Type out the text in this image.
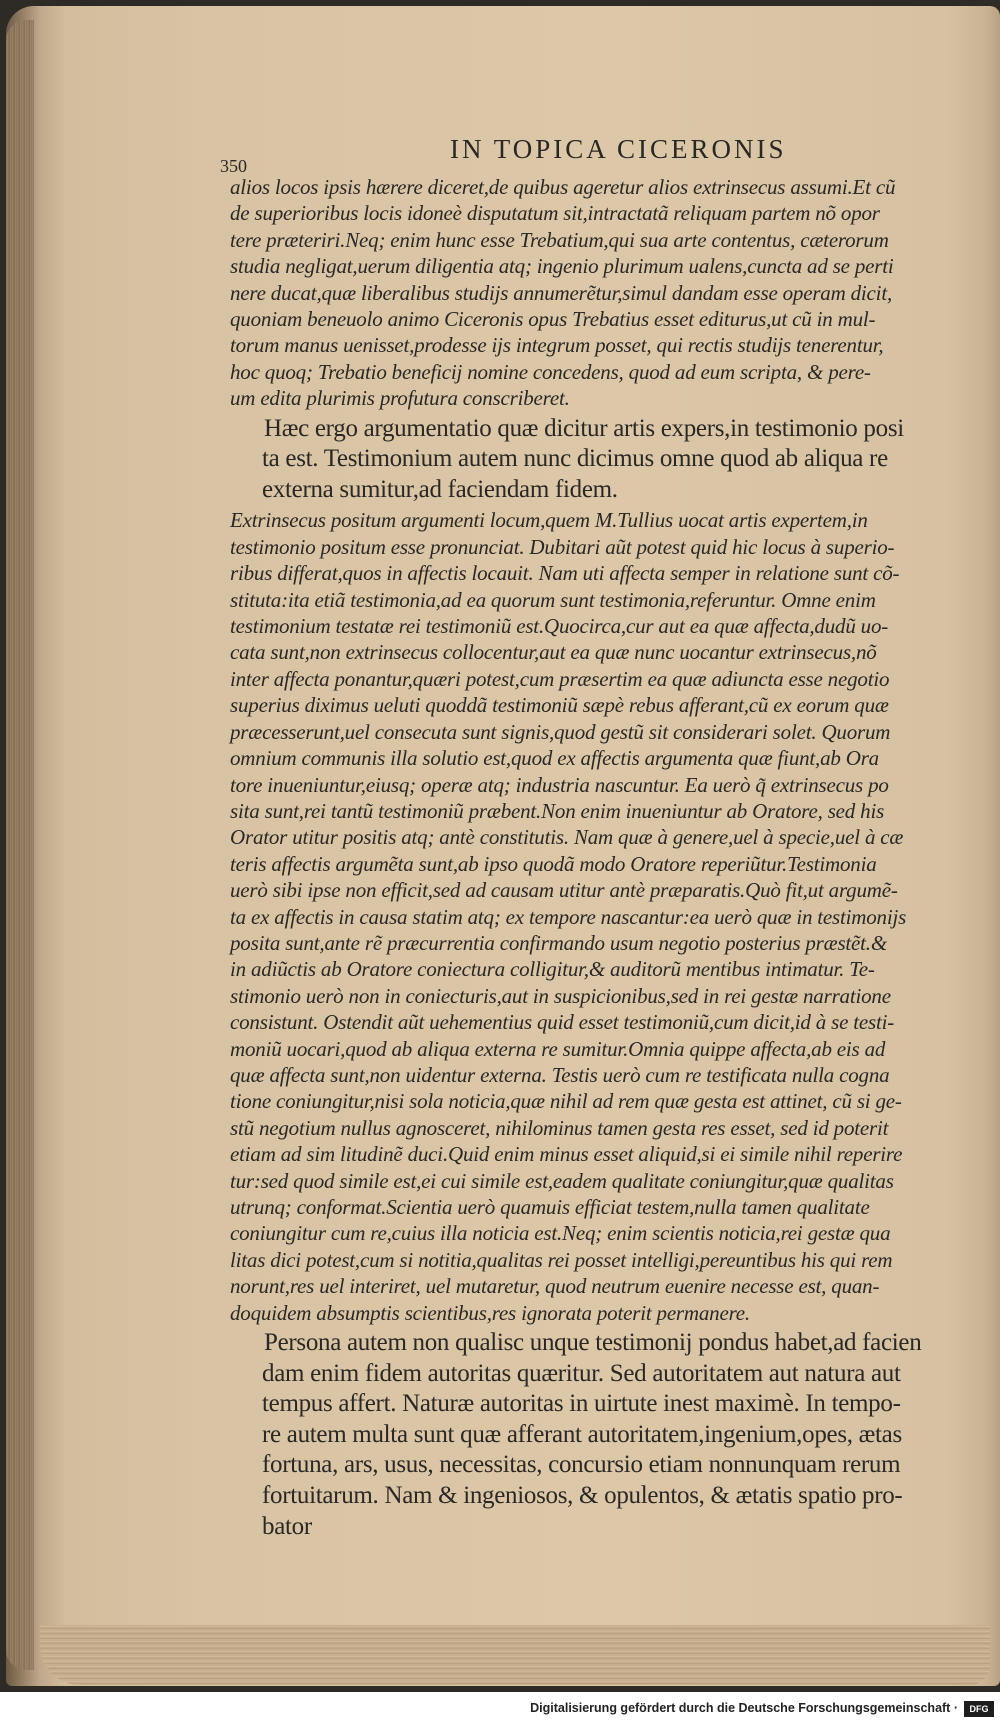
350
IN TOPICA CICERONIS
alios locos ipsis hærere diceret,de quibus ageretur alios extrinsecus assumi.Et cũ
de superioribus locis idoneè disputatum sit,intractatã reliquam partem nõ opor
tere præteriri.Neq; enim hunc esse Trebatium,qui sua arte contentus, cæterorum
studia negligat,uerum diligentia atq; ingenio plurimum ualens,cuncta ad se perti
nere ducat,quæ liberalibus studijs annumerẽtur,simul dandam esse operam dicit,
quoniam beneuolo animo Ciceronis opus Trebatius esset editurus,ut cũ in mul-
torum manus uenisset,prodesse ijs integrum posset, qui rectis studijs tenerentur,
hoc quoq; Trebatio beneficij nomine concedens, quod ad eum scripta, & pere-
um edita plurimis profutura conscriberet.
Hæc ergo argumentatio quæ dicitur artis expers,in testimonio posi
ta est. Testimonium autem nunc dicimus omne quod ab aliqua re
externa sumitur,ad faciendam fidem.
Extrinsecus positum argumenti locum,quem M.Tullius uocat artis expertem,in
testimonio positum esse pronunciat. Dubitari aũt potest quid hic locus à superio-
ribus differat,quos in affectis locauit. Nam uti affecta semper in relatione sunt cõ-
stituta:ita etiã testimonia,ad ea quorum sunt testimonia,referuntur. Omne enim
testimonium testatæ rei testimoniũ est.Quocirca,cur aut ea quæ affecta,dudũ uo-
cata sunt,non extrinsecus collocentur,aut ea quæ nunc uocantur extrinsecus,nõ
inter affecta ponantur,quæri potest,cum præsertim ea quæ adiuncta esse negotio
superius diximus ueluti quoddã testimoniũ sæpè rebus afferant,cũ ex eorum quæ
præcesserunt,uel consecuta sunt signis,quod gestũ sit considerari solet. Quorum
omnium communis illa solutio est,quod ex affectis argumenta quæ fiunt,ab Ora
tore inueniuntur,eiusq; operæ atq; industria nascuntur. Ea uerò q̃ extrinsecus po
sita sunt,rei tantũ testimoniũ præbent.Non enim inueniuntur ab Oratore, sed his
Orator utitur positis atq; antè constitutis. Nam quæ à genere,uel à specie,uel à cæ
teris affectis argumẽta sunt,ab ipso quodã modo Oratore reperiũtur.Testimonia
uerò sibi ipse non efficit,sed ad causam utitur antè præparatis.Quò fit,ut argumẽ-
ta ex affectis in causa statim atq; ex tempore nascantur:ea uerò quæ in testimonijs
posita sunt,ante rẽ præcurrentia confirmando usum negotio posterius præstẽt.&
in adiũctis ab Oratore coniectura colligitur,& auditorũ mentibus intimatur. Te-
stimonio uerò non in coniecturis,aut in suspicionibus,sed in rei gestæ narratione
consistunt. Ostendit aũt uehementius quid esset testimoniũ,cum dicit,id à se testi-
moniũ uocari,quod ab aliqua externa re sumitur.Omnia quippe affecta,ab eis ad
quæ affecta sunt,non uidentur externa. Testis uerò cum re testificata nulla cogna
tione coniungitur,nisi sola noticia,quæ nihil ad rem quæ gesta est attinet, cũ si ge-
stũ negotium nullus agnosceret, nihilominus tamen gesta res esset, sed id poterit
etiam ad sim litudinẽ duci.Quid enim minus esset aliquid,si ei simile nihil reperire
tur:sed quod simile est,ei cui simile est,eadem qualitate coniungitur,quæ qualitas
utrunq; conformat.Scientia uerò quamuis efficiat testem,nulla tamen qualitate
coniungitur cum re,cuius illa noticia est.Neq; enim scientis noticia,rei gestæ qua
litas dici potest,cum si notitia,qualitas rei posset intelligi,pereuntibus his qui rem
norunt,res uel interiret, uel mutaretur, quod neutrum euenire necesse est, quan-
doquidem absumptis scientibus,res ignorata poterit permanere.
Persona autem non qualisc unque testimonij pondus habet,ad facien
dam enim fidem autoritas quæritur. Sed autoritatem aut natura aut
tempus affert. Naturæ autoritas in uirtute inest maximè. In tempo-
re autem multa sunt quæ afferant autoritatem,ingenium,opes, ætas
fortuna, ars, usus, necessitas, concursio etiam nonnunquam rerum
fortuitarum. Nam & ingeniosos, & opulentos, & ætatis spatio pro-
bator
Digitalisierung gefördert durch die Deutsche Forschungsgemeinschaft ·	DFG
